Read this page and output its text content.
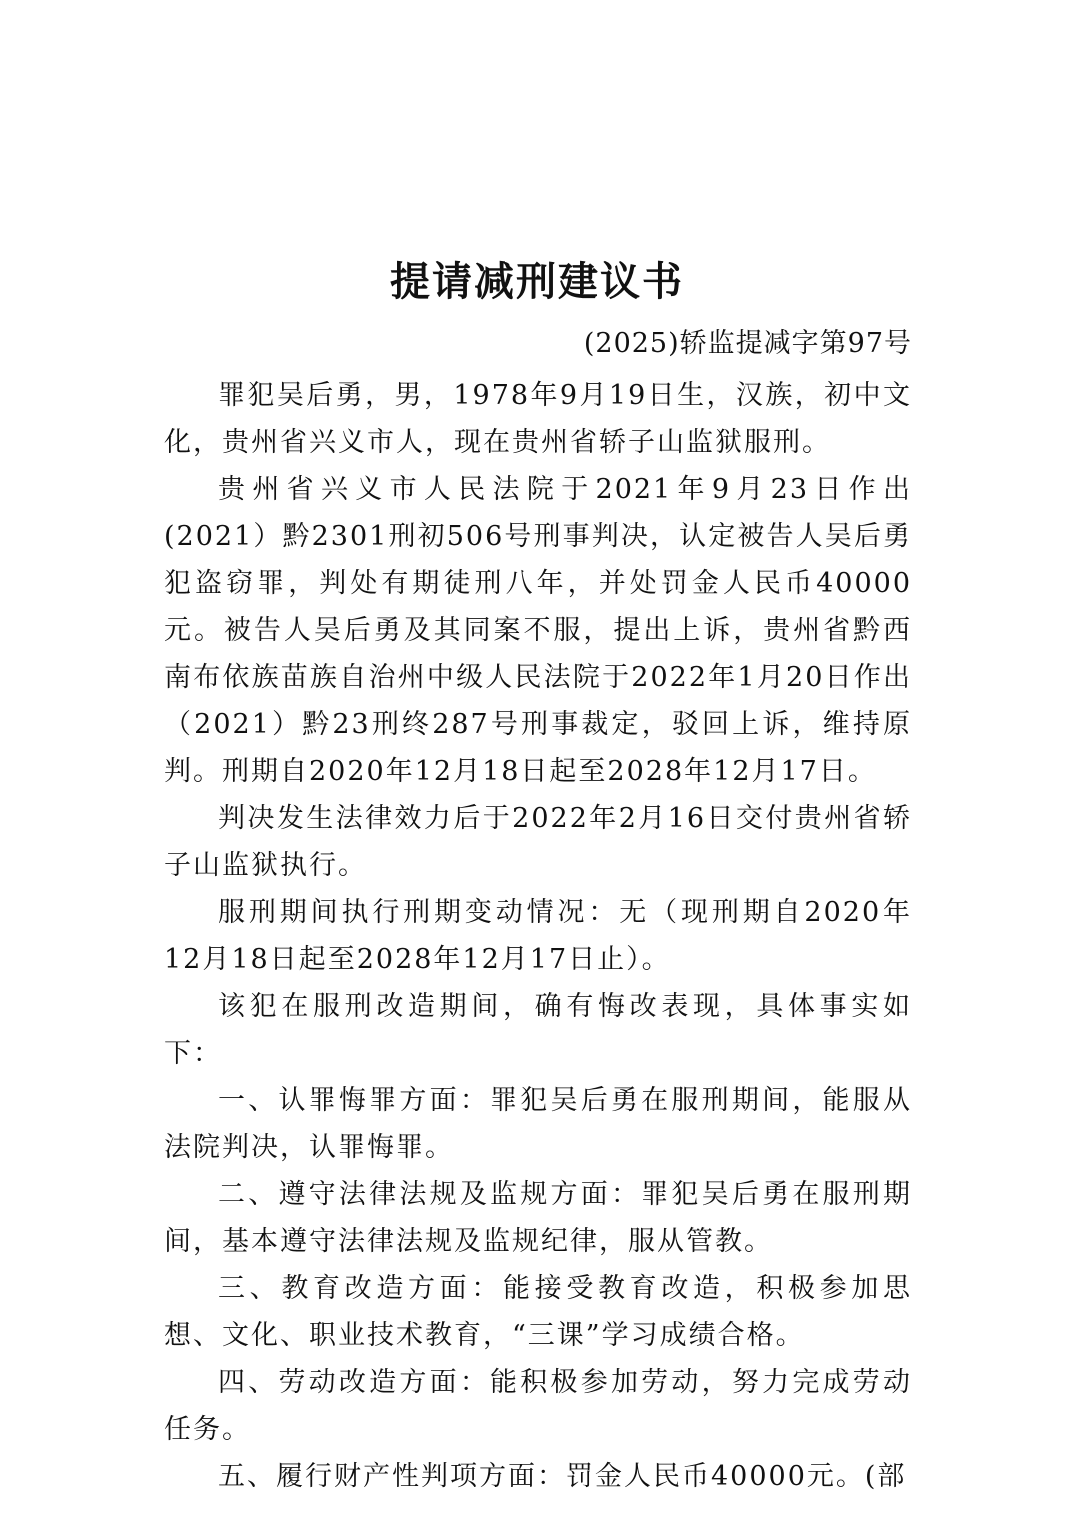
提请减刑建议书
(2025)轿监提减字第97号

罪犯吴后勇，男，1978年9月19日生，汉族，初中文化，贵州省兴义市人，现在贵州省轿子山监狱服刑。

贵州省兴义市人民法院于2021年9月23日作出(2021）黔2301刑初506号刑事判决，认定被告人吴后勇犯盗窃罪，判处有期徒刑八年，并处罚金人民币40000元。被告人吴后勇及其同案不服，提出上诉，贵州省黔西南布依族苗族自治州中级人民法院于2022年1月20日作出（2021）黔23刑终287号刑事裁定，驳回上诉，维持原判。刑期自2020年12月18日起至2028年12月17日。

判决发生法律效力后于2022年2月16日交付贵州省轿子山监狱执行。

服刑期间执行刑期变动情况：无（现刑期自2020年12月18日起至2028年12月17日止）。

该犯在服刑改造期间，确有悔改表现，具体事实如下：

一、认罪悔罪方面：罪犯吴后勇在服刑期间，能服从法院判决，认罪悔罪。

二、遵守法律法规及监规方面：罪犯吴后勇在服刑期间，基本遵守法律法规及监规纪律，服从管教。

三、教育改造方面：能接受教育改造，积极参加思想、文化、职业技术教育，“三课”学习成绩合格。

四、劳动改造方面：能积极参加劳动，努力完成劳动任务。

五、履行财产性判项方面：罚金人民币40000元。(部
